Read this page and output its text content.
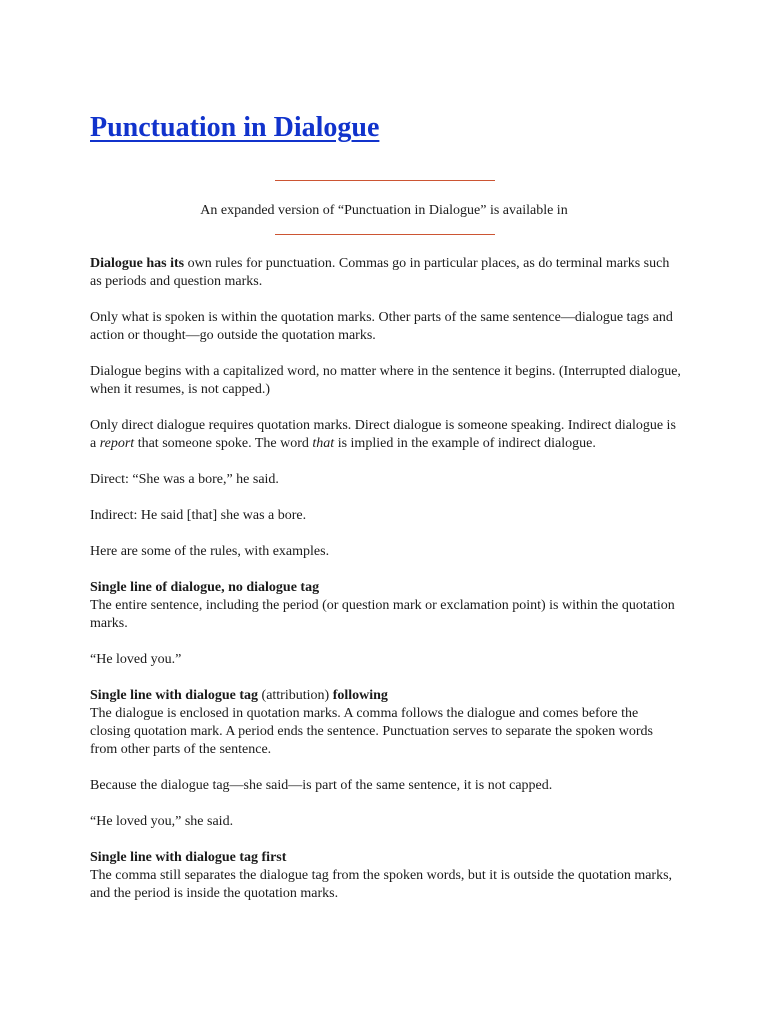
Punctuation in Dialogue
An expanded version of “Punctuation in Dialogue” is available in

Dialogue has its own rules for punctuation. Commas go in particular places, as do terminal marks such as periods and question marks.

Only what is spoken is within the quotation marks. Other parts of the same sentence—dialogue tags and action or thought—go outside the quotation marks.

Dialogue begins with a capitalized word, no matter where in the sentence it begins. (Interrupted dialogue, when it resumes, is not capped.)

Only direct dialogue requires quotation marks. Direct dialogue is someone speaking. Indirect dialogue is a report that someone spoke. The word that is implied in the example of indirect dialogue.

Direct: “She was a bore,” he said.

Indirect: He said [that] she was a bore.

Here are some of the rules, with examples.

Single line of dialogue, no dialogue tag

The entire sentence, including the period (or question mark or exclamation point) is within the quotation marks.

“He loved you.”

Single line with dialogue tag (attribution) following

The dialogue is enclosed in quotation marks. A comma follows the dialogue and comes before the closing quotation mark. A period ends the sentence. Punctuation serves to separate the spoken words from other parts of the sentence.

Because the dialogue tag—she said—is part of the same sentence, it is not capped.

“He loved you,” she said.

Single line with dialogue tag first

The comma still separates the dialogue tag from the spoken words, but it is outside the quotation marks, and the period is inside the quotation marks.
